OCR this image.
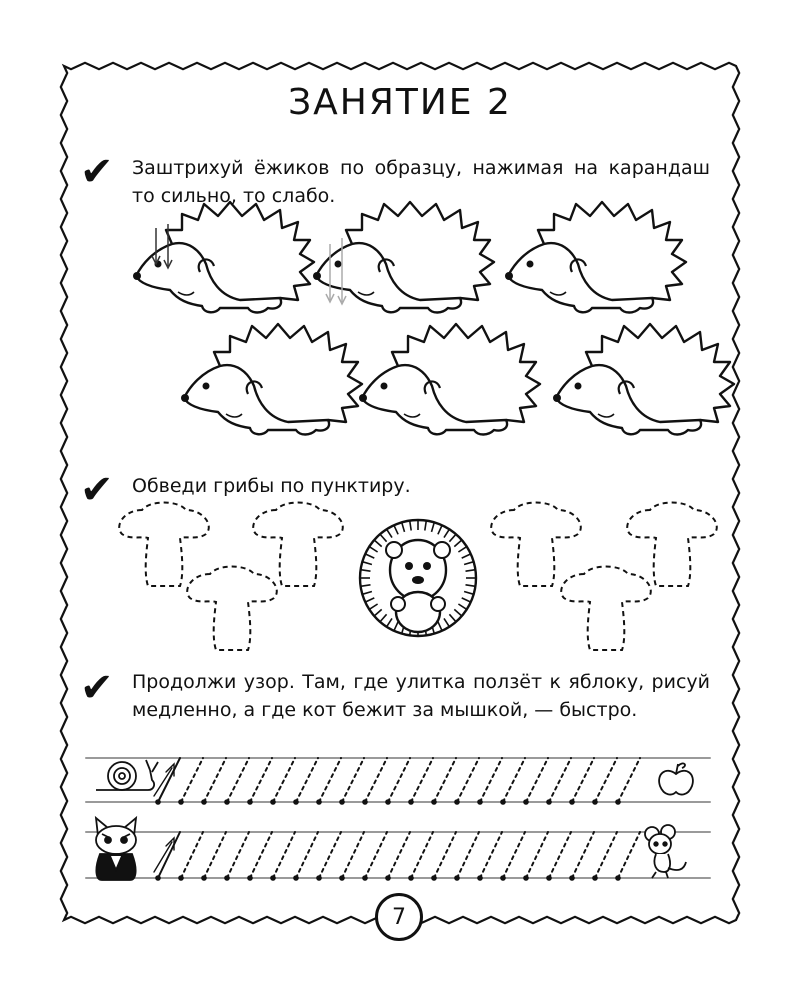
ЗАНЯТИЕ 2
✔ Заштрихуй ёжиков по образцу, нажимая на карандаш то сильно, то слабо.
✔ Обведи грибы по пунктиру.
✔ Продолжи узор. Там, где улитка ползёт к яблоку, рисуй медленно, а где кот бежит за мышкой, — быстро.
7
